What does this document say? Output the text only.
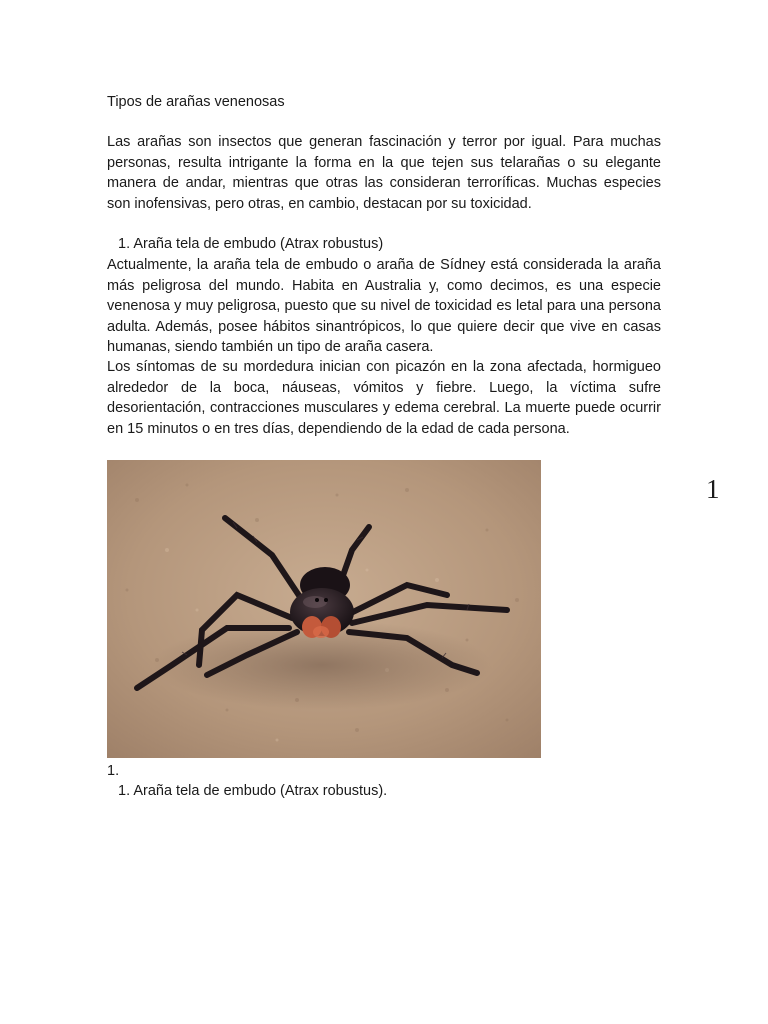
Tipos de arañas venenosas

Las arañas son insectos que generan fascinación y terror por igual. Para muchas personas, resulta intrigante la forma en la que tejen sus telarañas o su elegante manera de andar, mientras que otras las consideran terroríficas. Muchas especies son inofensivas, pero otras, en cambio, destacan por su toxicidad.

1. Araña tela de embudo (Atrax robustus)

Actualmente, la araña tela de embudo o araña de Sídney está considerada la araña más peligrosa del mundo. Habita en Australia y, como decimos, es una especie venenosa y muy peligrosa, puesto que su nivel de toxicidad es letal para una persona adulta. Además, posee hábitos sinantrópicos, lo que quiere decir que vive en casas humanas, siendo también un tipo de araña casera.

Los síntomas de su mordedura inician con picazón en la zona afectada, hormigueo alrededor de la boca, náuseas, vómitos y fiebre. Luego, la víctima sufre desorientación, contracciones musculares y edema cerebral. La muerte puede ocurrir en 15 minutos o en tres días, dependiendo de la edad de cada persona.

1
1.
1. Araña tela de embudo (Atrax robustus).
